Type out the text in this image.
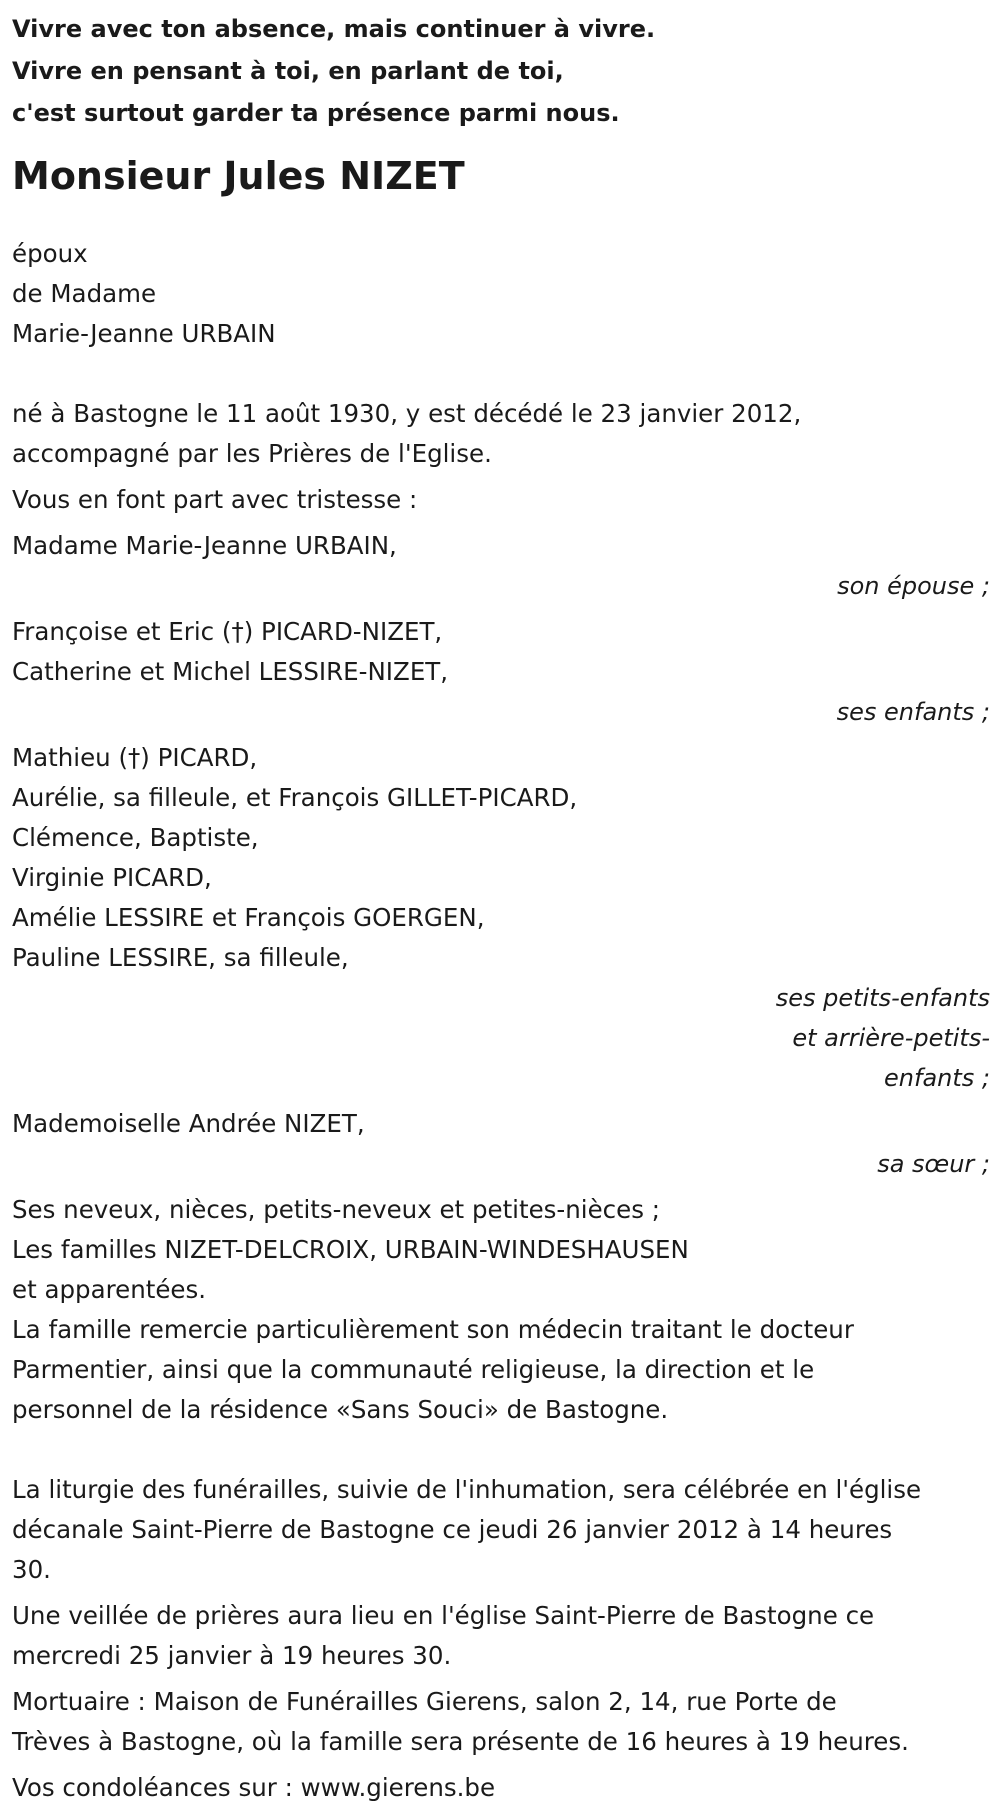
Vivre avec ton absence, mais continuer à vivre.
Vivre en pensant à toi, en parlant de toi,
c'est surtout garder ta présence parmi nous.
Monsieur Jules NIZET
époux
de Madame
Marie-Jeanne URBAIN
né à Bastogne le 11 août 1930, y est décédé le 23 janvier 2012,
accompagné par les Prières de l'Eglise.
Vous en font part avec tristesse :
Madame Marie-Jeanne URBAIN,
son épouse ;
Françoise et Eric (†) PICARD-NIZET,
Catherine et Michel LESSIRE-NIZET,
ses enfants ;
Mathieu (†) PICARD,
Aurélie, sa filleule, et François GILLET-PICARD,
Clémence, Baptiste,
Virginie PICARD,
Amélie LESSIRE et François GOERGEN,
Pauline LESSIRE, sa filleule,
ses petits-enfants
et arrière-petits-
enfants ;
Mademoiselle Andrée NIZET,
sa sœur ;
Ses neveux, nièces, petits-neveux et petites-nièces ;
Les familles NIZET-DELCROIX, URBAIN-WINDESHAUSEN
et apparentées.
La famille remercie particulièrement son médecin traitant le docteur
Parmentier, ainsi que la communauté religieuse, la direction et le
personnel de la résidence «Sans Souci» de Bastogne.
La liturgie des funérailles, suivie de l'inhumation, sera célébrée en l'église
décanale Saint-Pierre de Bastogne ce jeudi 26 janvier 2012 à 14 heures
30.
Une veillée de prières aura lieu en l'église Saint-Pierre de Bastogne ce
mercredi 25 janvier à 19 heures 30.
Mortuaire : Maison de Funérailles Gierens, salon 2, 14, rue Porte de
Trèves à Bastogne, où la famille sera présente de 16 heures à 19 heures.
Vos condoléances sur : www.gierens.be
